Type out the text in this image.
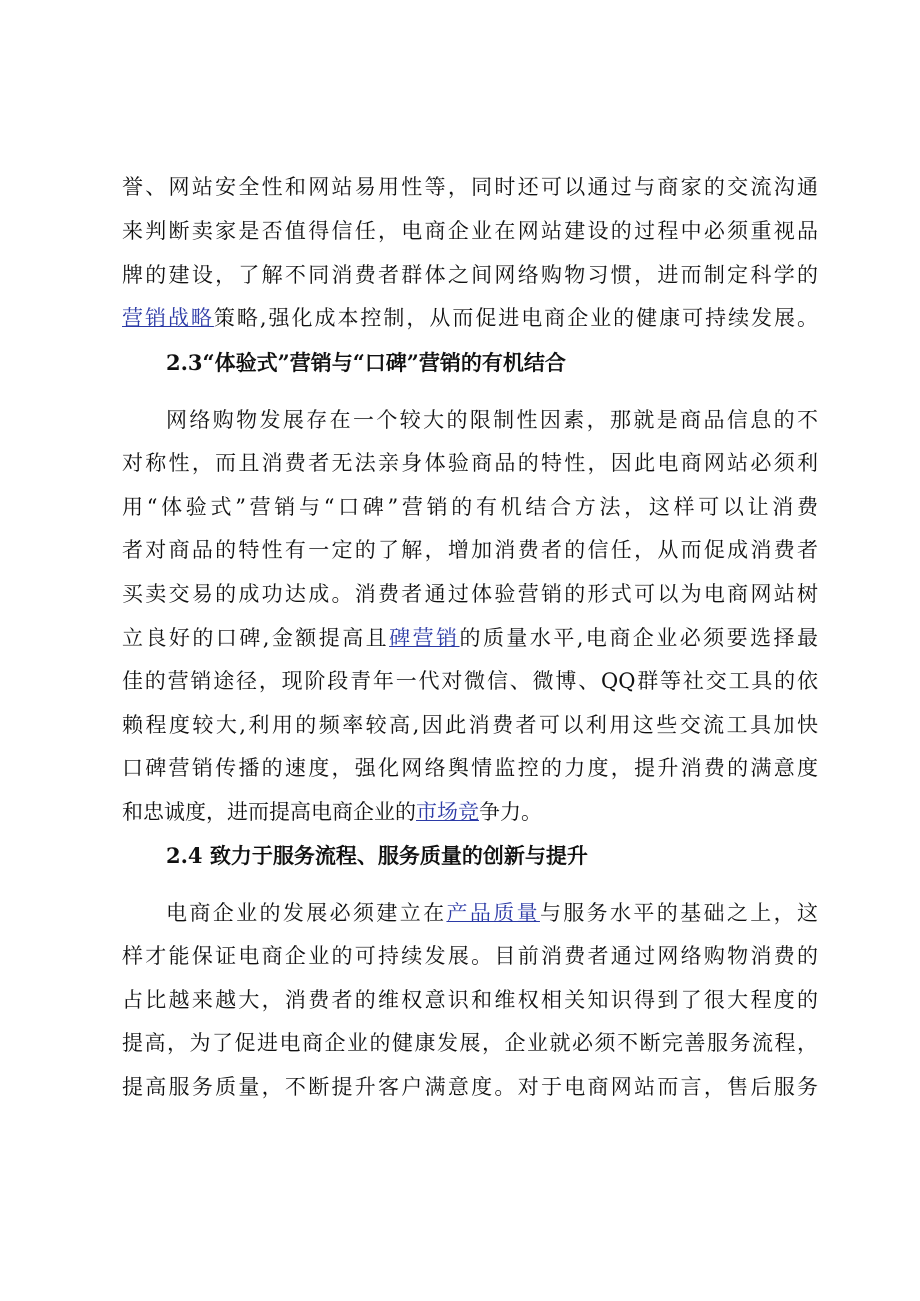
誉、网站安全性和网站易用性等，同时还可以通过与商家的交流沟通
来判断卖家是否值得信任，电商企业在网站建设的过程中必须重视品
牌的建设，了解不同消费者群体之间网络购物习惯，进而制定科学的
营销战略策略,强化成本控制，从而促进电商企业的健康可持续发展。
2.3“体验式”营销与“口碑”营销的有机结合
网络购物发展存在一个较大的限制性因素，那就是商品信息的不
对称性，而且消费者无法亲身体验商品的特性，因此电商网站必须利
用“体验式”营销与“口碑”营销的有机结合方法，这样可以让消费
者对商品的特性有一定的了解，增加消费者的信任，从而促成消费者
买卖交易的成功达成。消费者通过体验营销的形式可以为电商网站树
立良好的口碑,金额提高且碑营销的质量水平,电商企业必须要选择最
佳的营销途径，现阶段青年一代对微信、微博、QQ群等社交工具的依
赖程度较大,利用的频率较高,因此消费者可以利用这些交流工具加快
口碑营销传播的速度，强化网络舆情监控的力度，提升消费的满意度
和忠诚度，进而提高电商企业的市场竞争力。
2.4 致力于服务流程、服务质量的创新与提升
电商企业的发展必须建立在产品质量与服务水平的基础之上，这
样才能保证电商企业的可持续发展。目前消费者通过网络购物消费的
占比越来越大，消费者的维权意识和维权相关知识得到了很大程度的
提高，为了促进电商企业的健康发展，企业就必须不断完善服务流程，
提高服务质量，不断提升客户满意度。对于电商网站而言，售后服务
